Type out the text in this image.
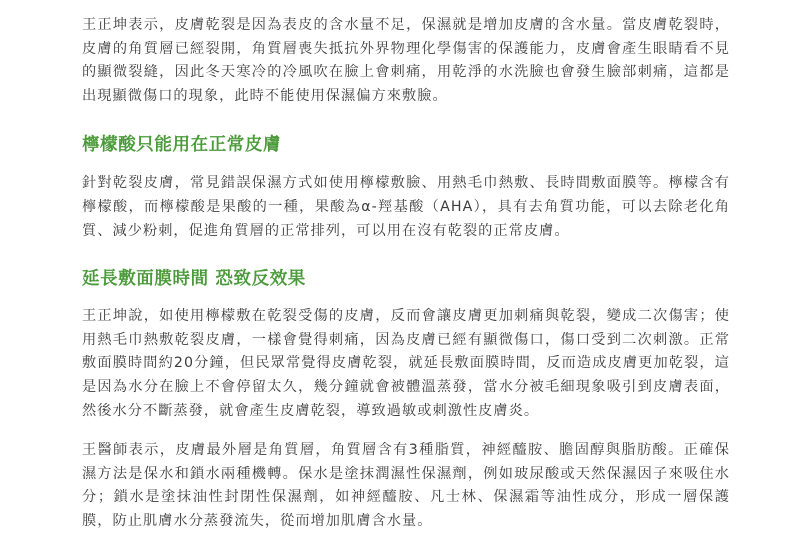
王正坤表示，皮膚乾裂是因為表皮的含水量不足，保濕就是增加皮膚的含水量。當皮膚乾裂時，皮膚的角質層已經裂開，角質層喪失抵抗外界物理化學傷害的保護能力，皮膚會產生眼睛看不見的顯微裂縫，因此冬天寒冷的冷風吹在臉上會刺痛，用乾淨的水洗臉也會發生臉部刺痛，這都是出現顯微傷口的現象，此時不能使用保濕偏方來敷臉。

檸檬酸只能用在正常皮膚

針對乾裂皮膚，常見錯誤保濕方式如使用檸檬敷臉、用熱毛巾熱敷、長時間敷面膜等。檸檬含有檸檬酸，而檸檬酸是果酸的一種，果酸為α-羥基酸（AHA），具有去角質功能，可以去除老化角質、減少粉刺，促進角質層的正常排列，可以用在沒有乾裂的正常皮膚。

延長敷面膜時間 恐致反效果

王正坤說，如使用檸檬敷在乾裂受傷的皮膚，反而會讓皮膚更加刺痛與乾裂，變成二次傷害；使用熱毛巾熱敷乾裂皮膚，一樣會覺得刺痛，因為皮膚已經有顯微傷口，傷口受到二次刺激。正常敷面膜時間約20分鐘，但民眾常覺得皮膚乾裂，就延長敷面膜時間，反而造成皮膚更加乾裂，這是因為水分在臉上不會停留太久，幾分鐘就會被體溫蒸發，當水分被毛細現象吸引到皮膚表面，然後水分不斷蒸發，就會產生皮膚乾裂，導致過敏或刺激性皮膚炎。

王醫師表示，皮膚最外層是角質層，角質層含有3種脂質，神經醯胺、膽固醇與脂肪酸。正確保濕方法是保水和鎖水兩種機轉。保水是塗抹潤濕性保濕劑，例如玻尿酸或天然保濕因子來吸住水分；鎖水是塗抹油性封閉性保濕劑，如神經醯胺、凡士林、保濕霜等油性成分，形成一層保護膜，防止肌膚水分蒸發流失，從而增加肌膚含水量。
